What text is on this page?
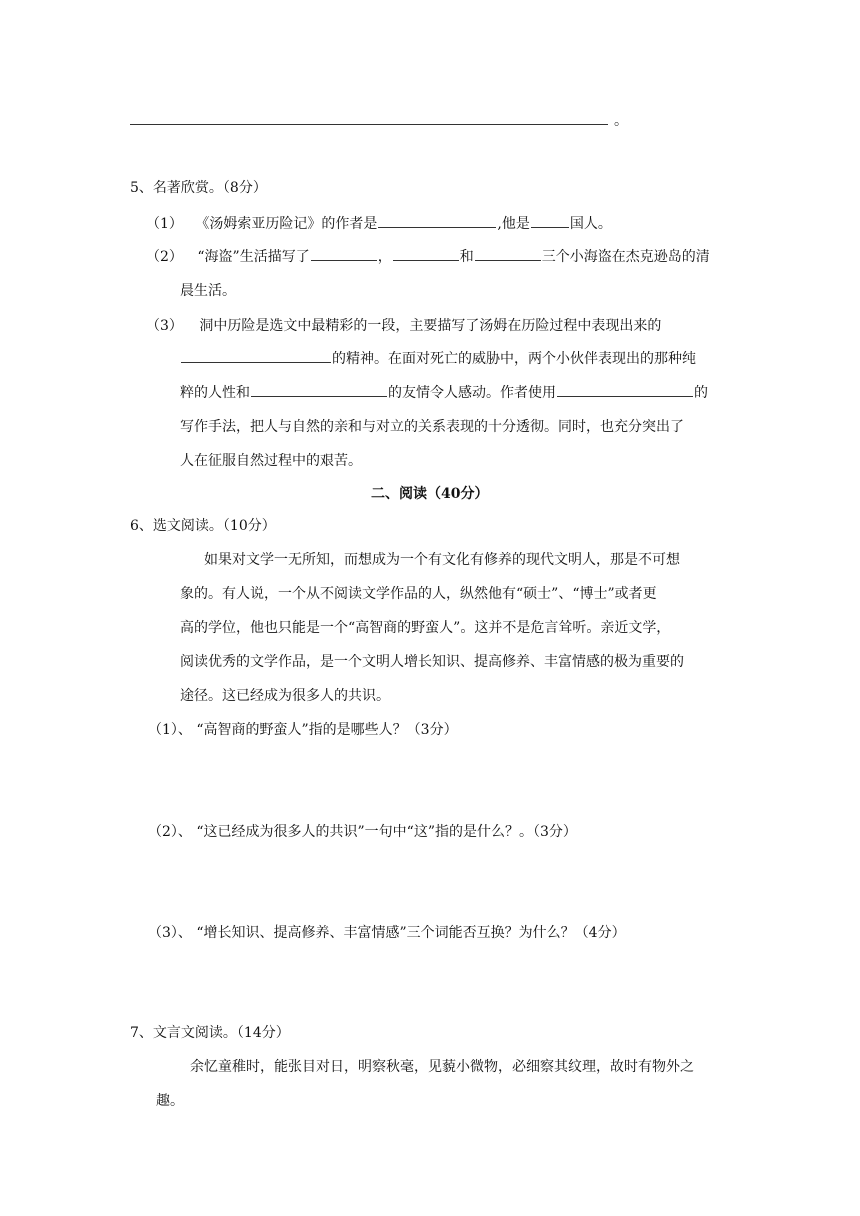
。
5、名著欣赏。（8分）
（1） 《汤姆索亚历险记》的作者是	,他是	国人。
（2） “海盗”生活描写了	，	和	三个小海盗在杰克逊岛的清
晨生活。
（3） 洞中历险是选文中最精彩的一段，主要描写了汤姆在历险过程中表现出来的
的精神。在面对死亡的威胁中，两个小伙伴表现出的那种纯
粹的人性和	的友情令人感动。作者使用	的
写作手法，把人与自然的亲和与对立的关系表现的十分透彻。同时，也充分突出了
人在征服自然过程中的艰苦。
二、阅读（40分）
6、选文阅读。（10分）
如果对文学一无所知，而想成为一个有文化有修养的现代文明人，那是不可想
象的。有人说，一个从不阅读文学作品的人，纵然他有“硕士”、“博士”或者更
高的学位，他也只能是一个“高智商的野蛮人”。这并不是危言耸听。亲近文学，
阅读优秀的文学作品，是一个文明人增长知识、提高修养、丰富情感的极为重要的
途径。这已经成为很多人的共识。
（1）、 “高智商的野蛮人”指的是哪些人？（3分）
（2）、 “这已经成为很多人的共识”一句中“这”指的是什么？。（3分）
（3）、 “增长知识、提高修养、丰富情感”三个词能否互换？为什么？（4分）
7、文言文阅读。（14分）
余忆童稚时，能张目对日，明察秋毫，见藐小微物，必细察其纹理，故时有物外之
趣。
